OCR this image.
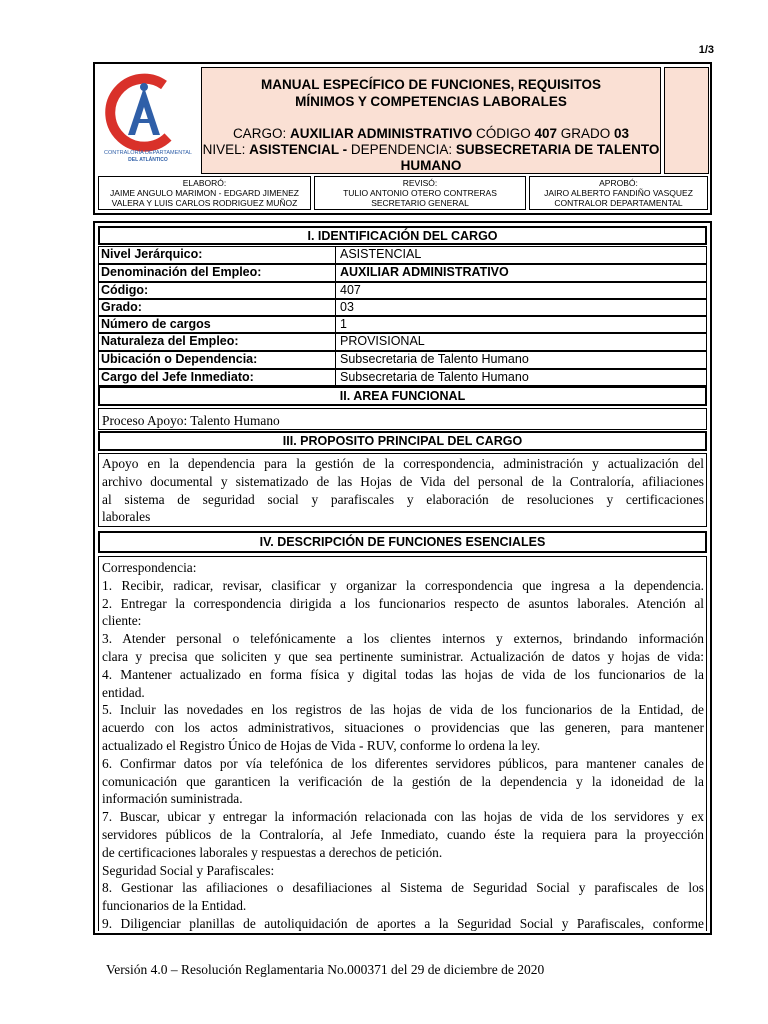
1/3
CONTRALORÍA DEPARTAMENTAL
DEL ATLÁNTICO
MANUAL ESPECÍFICO DE FUNCIONES, REQUISITOS
MÍNIMOS Y COMPETENCIAS LABORALES
CARGO: AUXILIAR ADMINISTRATIVO CÓDIGO 407 GRADO 03
NIVEL: ASISTENCIAL - DEPENDENCIA: SUBSECRETARIA DE TALENTO HUMANO
ELABORÓ:
JAIME ANGULO MARIMON - EDGARD JIMENEZ
VALERA Y LUIS CARLOS RODRIGUEZ MUÑOZ
REVISÓ:
TULIO ANTONIO OTERO CONTRERAS
SECRETARIO GENERAL
APROBÓ:
JAIRO ALBERTO FANDIÑO VASQUEZ
CONTRALOR DEPARTAMENTAL
I. IDENTIFICACIÓN DEL CARGO
Nivel Jerárquico:	ASISTENCIAL
Denominación del Empleo:	AUXILIAR ADMINISTRATIVO
Código:	407
Grado:	03
Número de cargos	1
Naturaleza del Empleo:	PROVISIONAL
Ubicación o Dependencia:	Subsecretaria de Talento Humano
Cargo del Jefe Inmediato:	Subsecretaria de Talento Humano
II. AREA FUNCIONAL
Proceso Apoyo: Talento Humano
III. PROPOSITO PRINCIPAL DEL CARGO
Apoyo en la dependencia para la gestión de la correspondencia, administración y actualización del
archivo documental y sistematizado de las Hojas de Vida del personal de la Contraloría, afiliaciones
al sistema de seguridad social y parafiscales y elaboración de resoluciones y certificaciones
laborales
IV. DESCRIPCIÓN DE FUNCIONES ESENCIALES
Correspondencia:
1. Recibir, radicar, revisar, clasificar y organizar la correspondencia que ingresa a la dependencia.
2. Entregar la correspondencia dirigida a los funcionarios respecto de asuntos laborales. Atención al
cliente:
3. Atender personal o telefónicamente a los clientes internos y externos, brindando información
clara y precisa que soliciten y que sea pertinente suministrar. Actualización de datos y hojas de vida:
4. Mantener actualizado en forma física y digital todas las hojas de vida de los funcionarios de la
entidad.
5. Incluir las novedades en los registros de las hojas de vida de los funcionarios de la Entidad, de
acuerdo con los actos administrativos, situaciones o providencias que las generen, para mantener
actualizado el Registro Único de Hojas de Vida - RUV, conforme lo ordena la ley.
6. Confirmar datos por vía telefónica de los diferentes servidores públicos, para mantener canales de
comunicación que garanticen la verificación de la gestión de la dependencia y la idoneidad de la
información suministrada.
7. Buscar, ubicar y entregar la información relacionada con las hojas de vida de los servidores y ex
servidores públicos de la Contraloría, al Jefe Inmediato, cuando éste la requiera para la proyección
de certificaciones laborales y respuestas a derechos de petición.
Seguridad Social y Parafiscales:
8. Gestionar las afiliaciones o desafiliaciones al Sistema de Seguridad Social y parafiscales de los
funcionarios de la Entidad.
9. Diligenciar planillas de autoliquidación de aportes a la Seguridad Social y Parafiscales, conforme
Versión 4.0 – Resolución Reglamentaria No.000371 del 29 de diciembre de 2020
